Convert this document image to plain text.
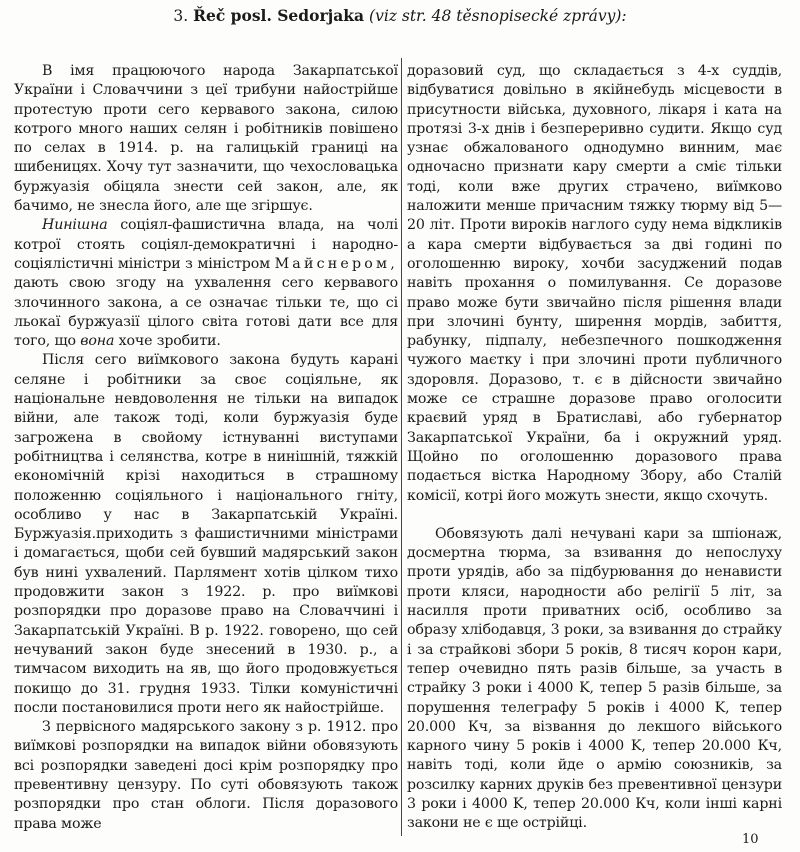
3. Řeč posl. Sedorjaka (viz str. 48 těsnopisecké zprávy):

В імя працюючого народа Закарпатської України і Словаччини з цеї трибуни найострійше протестую проти сего кервавого закона, силою котрого много наших селян і робітників повішено по селах в 1914. р. на галицькій границі на шибеницях. Хочу тут зазначити, що чехословацька буржуазія обіцяла знести сей закон, але, як бачимо, не знесла його, але ще згіршує.

Нинішна соціял-фашистична влада, на чолі котрої стоять соціял-демократичні і народно-соціялістичні міністри з міністром Майснером, дають свою згоду на ухвалення сего кервавого злочинного закона, а се означає тільки те, що сі льокаї буржуазії цілого світа готові дати все для того, що вона хоче зробити.

Після сего виїмкового закона будуть карані селяне і робітники за своє соціяльне, як національне невдоволення не тільки на випадок війни, але також тоді, коли буржуазія буде загрожена в свойому істнуванні виступами робітництва і селянства, котре в нинішній, тяжкій економічній крізі находиться в страшному положенню соціяльного і національного гніту, особливо у нас в Закарпатській Україні. Буржуазія.приходить з фашистичними міністрами і домагається, щоби сей бувший мадярський закон був нині ухвалений. Парлямент хотів цілком тихо продовжити закон з 1922. р. про виїмкові розпорядки про доразове право на Словаччині і Закарпатській Україні. В р. 1922. говорено, що сей нечуваний закон буде знесений в 1930. р., а тимчасом виходить на яв, що його продовжується покищо до 31. грудня 1933. Тілки комуністичні посли постановилися проти него як найострійше.

З первісного мадярського закону з р. 1912. про виїмкові розпорядки на випадок війни обовязують всі розпорядки заведені досі крім розпорядку про превентивну цензуру. По суті обовязують також розпорядки про стан облоги. Після доразового права може

доразовий суд, що складається з 4-х суддів, відбуватися довільно в якійнебудь місцевости в присутности війська, духовного, лікаря і ката на протязі 3-х днів і безпереривно судити. Якщо суд узнає обжалованого однодумно винним, має одночасно признати кару смерти а сміє тільки тоді, коли вже других страчено, виїмково наложити менше причасним тяжку тюрму від 5—20 літ. Проти вироків наглого суду нема відкликів а кара смерти відбувається за дві годині по оголошенню вироку, хочби засуджений подав навіть прохання о помилування. Се доразове право може бути звичайно після рішення влади при злочині бунту, ширення мордів, забиття, рабунку, підпалу, небезпечного пошкодження чужого маєтку і при злочині проти публичного здоровля. Доразово, т. є в дійсности звичайно може се страшне доразове право оголосити краєвий уряд в Братиславі, або губернатор Закарпатської України, ба і окружний уряд. Щойно по оголошенню доразового права подається вістка Народному Збору, або Сталій комісії, котрі його можуть знести, якщо схочуть.

Обовязують далі нечувані кари за шпіонаж, досмертна тюрма, за взивання до непослуху проти урядів, або за підбурювання до ненависти проти кляси, народности або релігії 5 літ, за насилля проти приватних осіб, особливо за образу хлібодавця, 3 роки, за взивання до страйку і за страйкові збори 5 років, 8 тисяч корон кари, тепер очевидно пять разів більше, за участь в страйку 3 роки і 4000 K, тепер 5 разів більше, за порушення телеграфу 5 років і 4000 K, тепер 20.000 Кч, за візвання до лекшого війського карного чину 5 років і 4000 K, тепер 20.000 Кч, навіть тоді, коли йде о армію союзників, за розсилку карних друків без превентивної цензури 3 роки і 4000 K, тепер 20.000 Кч, коли інші карні закони не є ще острійці.

10
